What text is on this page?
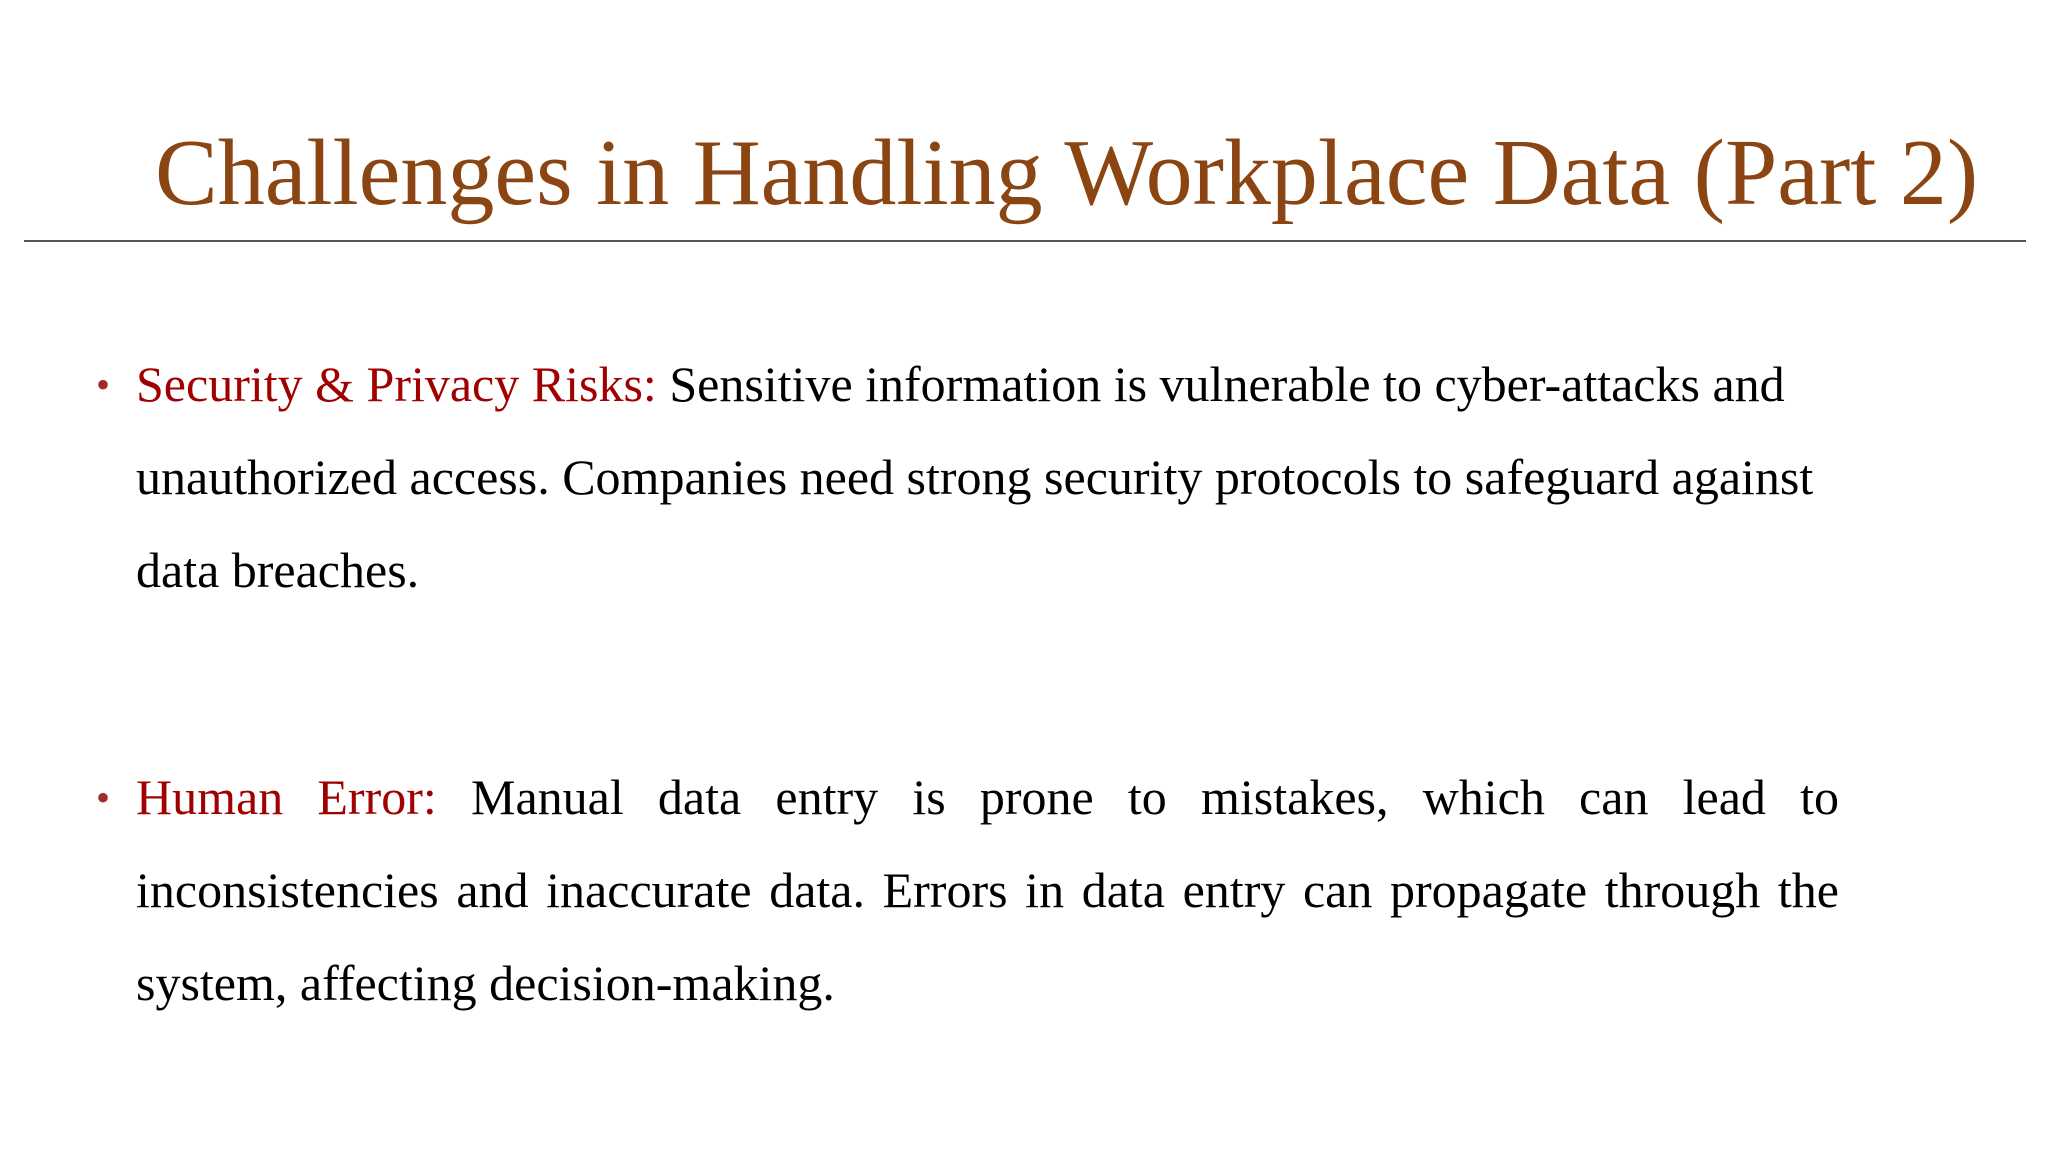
Challenges in Handling Workplace Data (Part 2)
• Security & Privacy Risks: Sensitive information is vulnerable to cyber-attacks and unauthorized access. Companies need strong security protocols to safeguard against data breaches.
• Human Error: Manual data entry is prone to mistakes, which can lead to inconsistencies and inaccurate data. Errors in data entry can propagate through the system, affecting decision-making.
